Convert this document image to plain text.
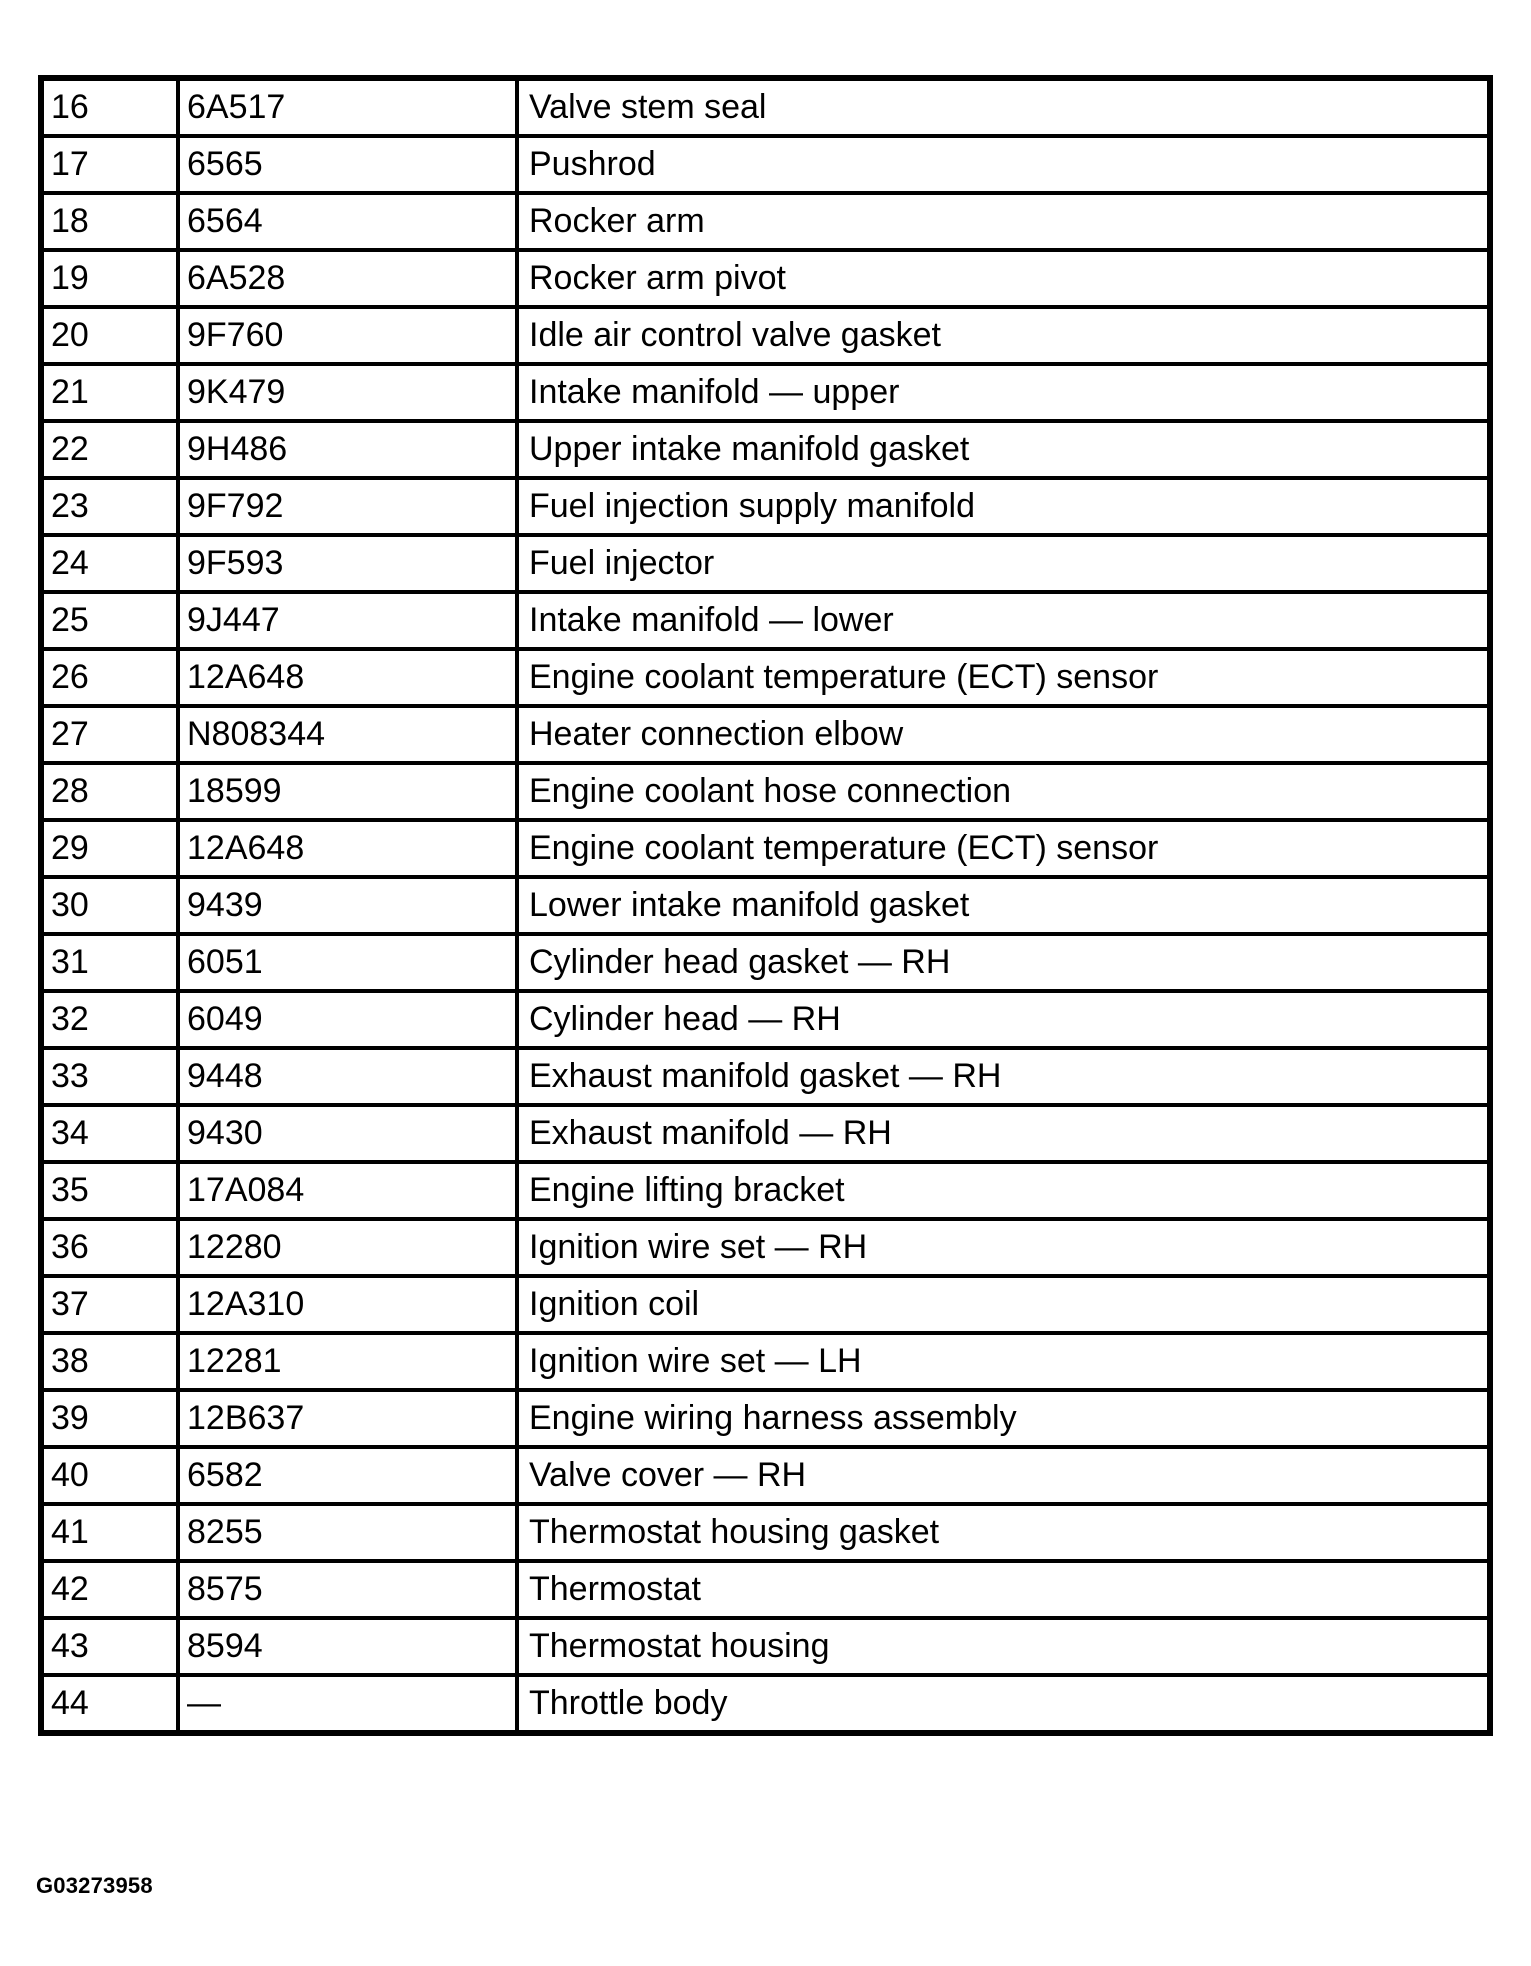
16	6A517	Valve stem seal
17	6565	Pushrod
18	6564	Rocker arm
19	6A528	Rocker arm pivot
20	9F760	Idle air control valve gasket
21	9K479	Intake manifold — upper
22	9H486	Upper intake manifold gasket
23	9F792	Fuel injection supply manifold
24	9F593	Fuel injector
25	9J447	Intake manifold — lower
26	12A648	Engine coolant temperature (ECT) sensor
27	N808344	Heater connection elbow
28	18599	Engine coolant hose connection
29	12A648	Engine coolant temperature (ECT) sensor
30	9439	Lower intake manifold gasket
31	6051	Cylinder head gasket — RH
32	6049	Cylinder head — RH
33	9448	Exhaust manifold gasket — RH
34	9430	Exhaust manifold — RH
35	17A084	Engine lifting bracket
36	12280	Ignition wire set — RH
37	12A310	Ignition coil
38	12281	Ignition wire set — LH
39	12B637	Engine wiring harness assembly
40	6582	Valve cover — RH
41	8255	Thermostat housing gasket
42	8575	Thermostat
43	8594	Thermostat housing
44	—	Throttle body
G03273958
